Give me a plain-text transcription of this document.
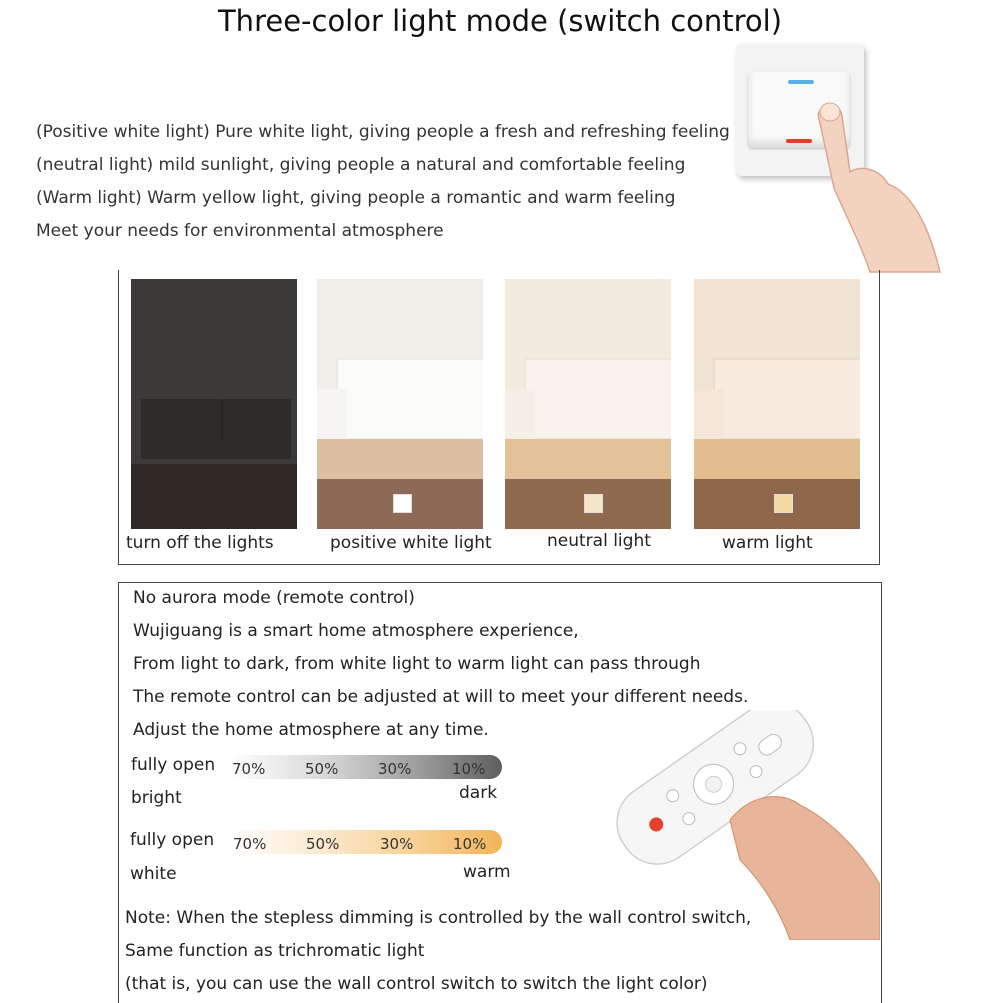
Three-color light mode (switch control)
(Positive white light) Pure white light, giving people a fresh and refreshing feeling
(neutral light) mild sunlight, giving people a natural and comfortable feeling
(Warm light) Warm yellow light, giving people a romantic and warm feeling
Meet your needs for environmental atmosphere
turn off the lights	positive white light	neutral light	warm light
No aurora mode (remote control)
Wujiguang is a smart home atmosphere experience,
From light to dark, from white light to warm light can pass through
The remote control can be adjusted at will to meet your different needs.
Adjust the home atmosphere at any time.
fully open 70%	50%	30%	10%
bright	dark
fully open 70%	50%	30%	10%
white	warm
Note: When the stepless dimming is controlled by the wall control switch,
Same function as trichromatic light
(that is, you can use the wall control switch to switch the light color)
